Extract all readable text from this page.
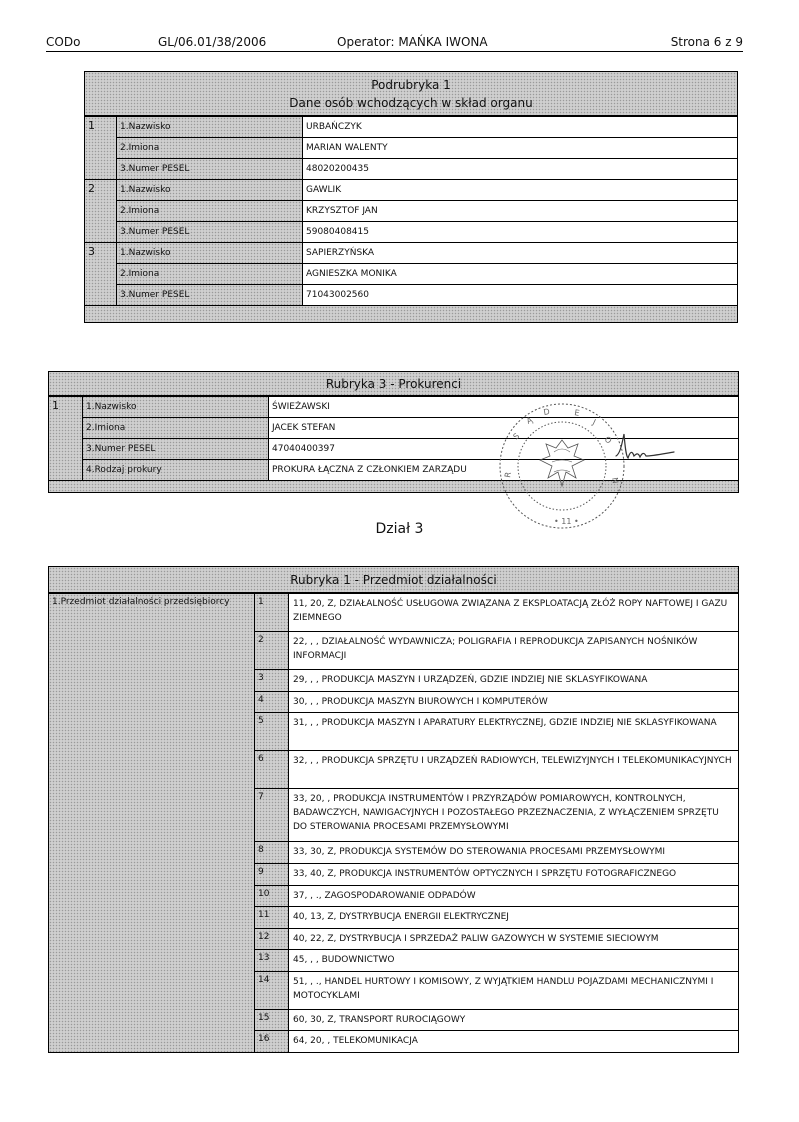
CODo	GL/06.01/38/2006	Operator: MAŃKA IWONA	Strona 6 z 9
Podrubryka 1
Dane osób wchodzących w skład organu
1	1.Nazwisko	URBAŃCZYK
	2.Imiona	MARIAN WALENTY
	3.Numer PESEL	48020200435
2	1.Nazwisko	GAWLIK
	2.Imiona	KRZYSZTOF JAN
	3.Numer PESEL	59080408415
3	1.Nazwisko	SAPIERZYŃSKA
	2.Imiona	AGNIESZKA MONIKA
	3.Numer PESEL	71043002560
Rubryka 3 - Prokurenci
1	1.Nazwisko	ŚWIEŻAWSKI
	2.Imiona	JACEK STEFAN
	3.Numer PESEL	47040400397
	4.Rodzaj prokury	PROKURA ŁĄCZNA Z CZŁONKIEM ZARZĄDU
S
Ą
D	E
J
O
R
N
• 11 •
Dział 3
Rubryka 1 - Przedmiot działalności
1.Przedmiot działalności przedsiębiorcy	1	11, 20, Z, DZIAŁALNOŚĆ USŁUGOWA ZWIĄZANA Z EKSPLOATACJĄ ZŁÓŻ ROPY NAFTOWEJ I GAZU ZIEMNEGO
	2	22, , , DZIAŁALNOŚĆ WYDAWNICZA; POLIGRAFIA I REPRODUKCJA ZAPISANYCH NOŚNIKÓW INFORMACJI
	3	29, , , PRODUKCJA MASZYN I URZĄDZEŃ, GDZIE INDZIEJ NIE SKLASYFIKOWANA
	4	30, , , PRODUKCJA MASZYN BIUROWYCH I KOMPUTERÓW
	5	31, , , PRODUKCJA MASZYN I APARATURY ELEKTRYCZNEJ, GDZIE INDZIEJ NIE SKLASYFIKOWANA
	6	32, , , PRODUKCJA SPRZĘTU I URZĄDZEŃ RADIOWYCH, TELEWIZYJNYCH I TELEKOMUNIKACYJNYCH
	7	33, 20, , PRODUKCJA INSTRUMENTÓW I PRZYRZĄDÓW POMIAROWYCH, KONTROLNYCH, BADAWCZYCH, NAWIGACYJNYCH I POZOSTAŁEGO PRZEZNACZENIA, Z WYŁĄCZENIEM SPRZĘTU DO STEROWANIA PROCESAMI PRZEMYSŁOWYMI
	8	33, 30, Z, PRODUKCJA SYSTEMÓW DO STEROWANIA PROCESAMI PRZEMYSŁOWYMI
	9	33, 40, Z, PRODUKCJA INSTRUMENTÓW OPTYCZNYCH I SPRZĘTU FOTOGRAFICZNEGO
	10	37, , ., ZAGOSPODAROWANIE ODPADÓW
	11	40, 13, Z, DYSTRYBUCJA ENERGII ELEKTRYCZNEJ
	12	40, 22, Z, DYSTRYBUCJA I SPRZEDAŻ PALIW GAZOWYCH W SYSTEMIE SIECIOWYM
	13	45, , , BUDOWNICTWO
	14	51, , ., HANDEL HURTOWY I KOMISOWY, Z WYJĄTKIEM HANDLU POJAZDAMI MECHANICZNYMI I MOTOCYKLAMI
	15	60, 30, Z, TRANSPORT RUROCIĄGOWY
	16	64, 20, , TELEKOMUNIKACJA
